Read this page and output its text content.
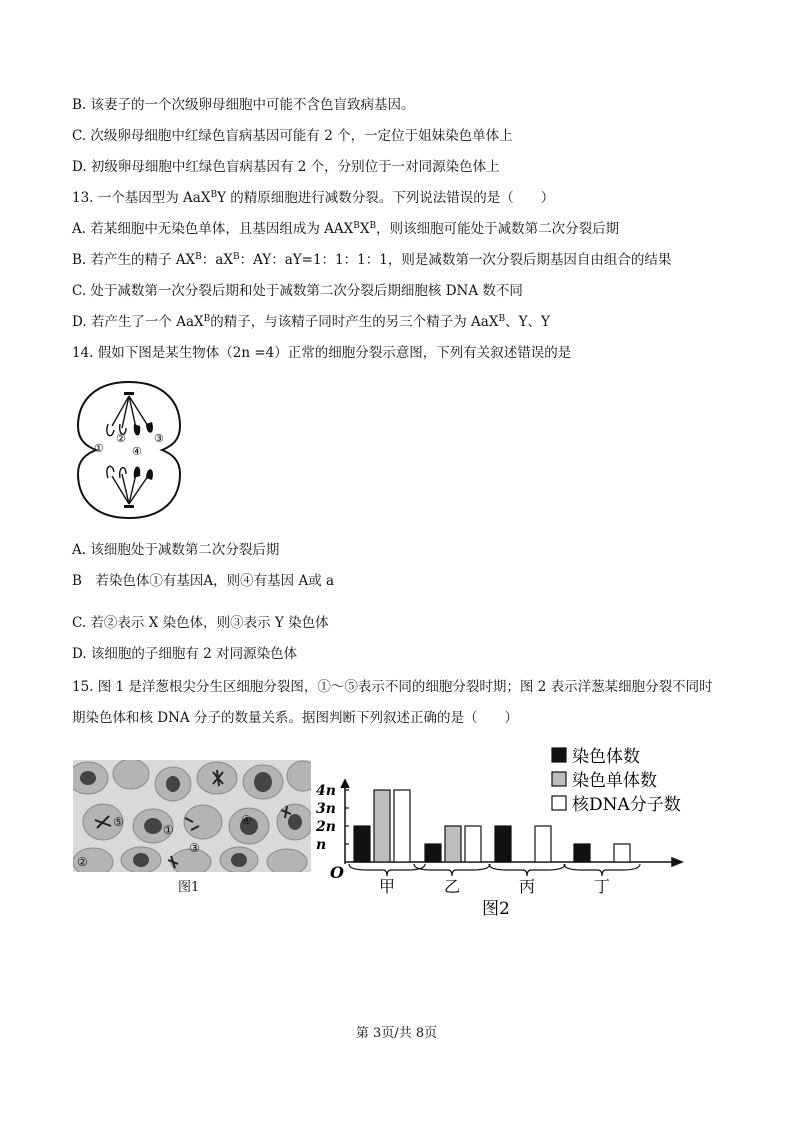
B. 该妻子的一个次级卵母细胞中可能不含色盲致病基因。
C. 次级卵母细胞中红绿色盲病基因可能有 2 个，一定位于姐妹染色单体上
D. 初级卵母细胞中红绿色盲病基因有 2 个，分别位于一对同源染色体上
13. 一个基因型为 AaX$^B$Y 的精原细胞进行减数分裂。下列说法错误的是（　　）
A. 若某细胞中无染色单体，且基因组成为 $AAX^BX^B$，则该细胞可能处于减数第二次分裂后期
B. 若产生的精子 $AX^B$：$aX^B$：AY：aY=1：1：1：1，则是减数第一次分裂后期基因自由组合的结果
C. 处于减数第一次分裂后期和处于减数第二次分裂后期细胞核 DNA 数不同
D. 若产生了一个 AaX$^B$的精子，与该精子同时产生的另三个精子为 AaX$^B$、Y、Y
14. 假如下图是某生物体（2n =4）正常的细胞分裂示意图，下列有关叙述错误的是
①
②	③
④
A. 该细胞处于减数第二次分裂后期
B　若染色体①有基因A，则④有基因 A或 a
C. 若②表示 X 染色体，则③表示 Y 染色体
D. 该细胞的子细胞有 2 对同源染色体
15. 图 1 是洋葱根尖分生区细胞分裂图，①～⑤表示不同的细胞分裂时期；图 2 表示洋葱某细胞分裂不同时
期染色体和核 DNA 分子的数量关系。据图判断下列叙述正确的是（　　）
①
②
③
④
⑤
图1
染色体数
染色单体数
核DNA分子数
O
图2
n
2n
3n
4n
甲	乙	丙	丁
第 3页/共 8页
